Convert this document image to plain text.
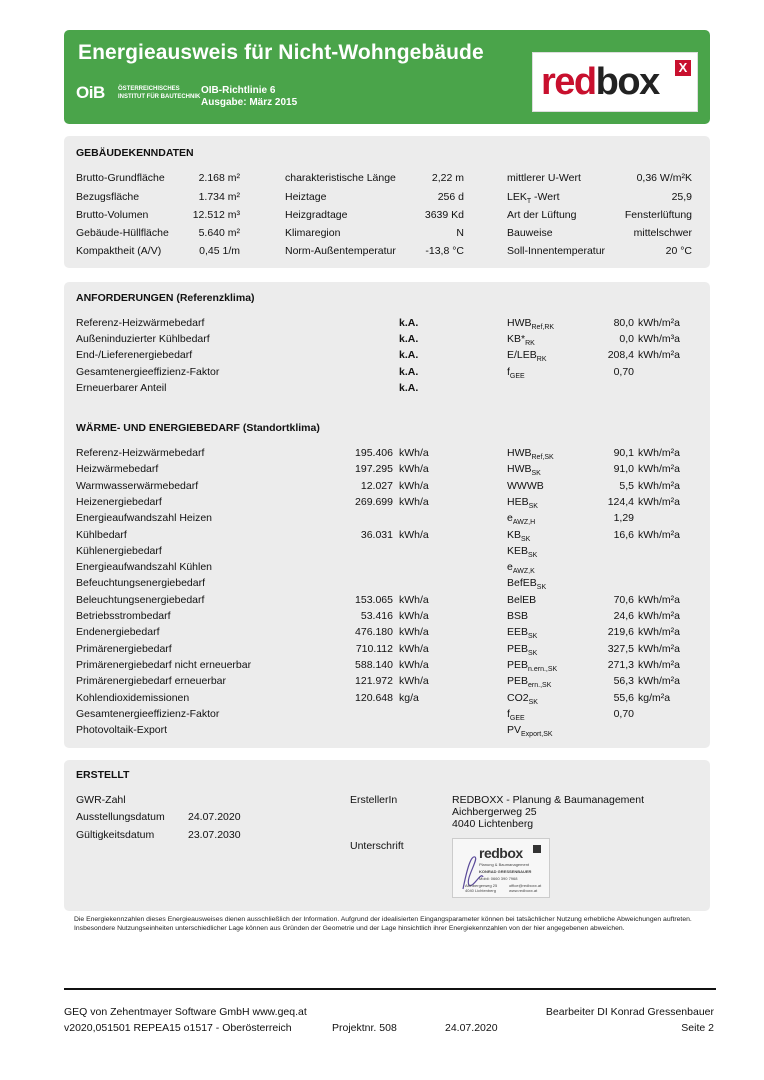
Energieausweis für Nicht-Wohngebäude
OiB ÖSTERREICHISCHES
INSTITUT FÜR BAUTECHNIK
OIB-Richtlinie 6
Ausgabe: März 2015	redbox X
GEBÄUDEKENNDATEN
Brutto-Grundfläche	2.168 m²
Bezugsfläche	1.734 m²
Brutto-Volumen	12.512 m³
Gebäude-Hüllfläche	5.640 m²
Kompaktheit (A/V)	0,45 1/m
charakteristische Länge	2,22 m
Heiztage	256 d
Heizgradtage	3639 Kd
Klimaregion	N
Norm-Außentemperatur	-13,8 °C
mittlerer U-Wert	0,36 W/m²K
$LEK_T$ -Wert	25,9
Art der Lüftung	Fensterlüftung
Bauweise	mittelschwer
Soll-Innentemperatur	20 °C
ANFORDERUNGEN (Referenzklima)
WÄRME- UND ENERGIEBEDARF (Standortklima)
Referenz-Heizwärmebedarf	k.A.	$HWB_{Ref,RK}$	80,0 kWh/m²a
Außeninduzierter Kühlbedarf	k.A.	$KB*_{RK}$	0,0 kWh/m³a
End-/Lieferenergiebedarf	k.A.	$E/LEB_{RK}$	208,4 kWh/m²a
Gesamtenergieeffizienz-Faktor	k.A.	$f_{GEE}$	0,70
Erneuerbarer Anteil	k.A.
Referenz-Heizwärmebedarf	195.406 kWh/a	$HWB_{Ref,SK}$	90,1 kWh/m²a
Heizwärmebedarf	197.295 kWh/a	$HWB_{SK}$	91,0 kWh/m²a
Warmwasserwärmebedarf	12.027 kWh/a	WWWB	5,5 kWh/m²a
Heizenergiebedarf	269.699 kWh/a	$HEB_{SK}$	124,4 kWh/m²a
Energieaufwandszahl Heizen	$e_{AWZ,H}$	1,29
Kühlbedarf	36.031 kWh/a	$KB_{SK}$	16,6 kWh/m²a
Kühlenergiebedarf	$KEB_{SK}$
Energieaufwandszahl Kühlen	$e_{AWZ,K}$
Befeuchtungsenergiebedarf	BefEB$_{SK}$
Beleuchtungsenergiebedarf	153.065 kWh/a	BelEB	70,6 kWh/m²a
Betriebsstrombedarf	53.416 kWh/a	BSB	24,6 kWh/m²a
Endenergiebedarf	476.180 kWh/a	$EEB_{SK}$	219,6 kWh/m²a
Primärenergiebedarf	710.112 kWh/a	$PEB_{SK}$	327,5 kWh/m²a
Primärenergiebedarf nicht erneuerbar	588.140 kWh/a	$PEB_{n.ern.,SK}$	271,3 kWh/m²a
Primärenergiebedarf erneuerbar	121.972 kWh/a	$PEB_{ern.,SK}$	56,3 kWh/m²a
Kohlendioxidemissionen	120.648 kg/a	$CO2_{SK}$	55,6 kg/m²a
Gesamtenergieeffizienz-Faktor	$f_{GEE}$	0,70
Photovoltaik-Export	$PV_{Export,SK}$
ERSTELLT
GWR-Zahl
Ausstellungsdatum 24.07.2020
Gültigkeitsdatum	23.07.2030
ErstellerIn	REDBOXX - Planung & Baumanagement
Aichbergerweg 25
4040 Lichtenberg
Unterschrift	redbox
Planung & Baumanagement
KONRAD GRESSENBAUER
Mobil: 0660 390 7968
Aichbergerweg 25
4040 Lichtenberg
office@redboxx.at
www.redboxx.at
Die Energiekennzahlen dieses Energieausweises dienen ausschließlich der Information. Aufgrund der idealisierten Eingangsparameter können bei tatsächlicher Nutzung erhebliche Abweichungen auftreten. Insbesondere Nutzungseinheiten unterschiedlicher Lage können aus Gründen der Geometrie und der Lage hinsichtlich ihrer Energiekennzahlen von der hier angegebenen abweichen.
GEQ von Zehentmayer Software GmbH www.geq.at
v2020,051501 REPEA15 o1517 - Oberösterreich	Projektnr. 508	24.07.2020
Bearbeiter DI Konrad Gressenbauer
Seite 2
